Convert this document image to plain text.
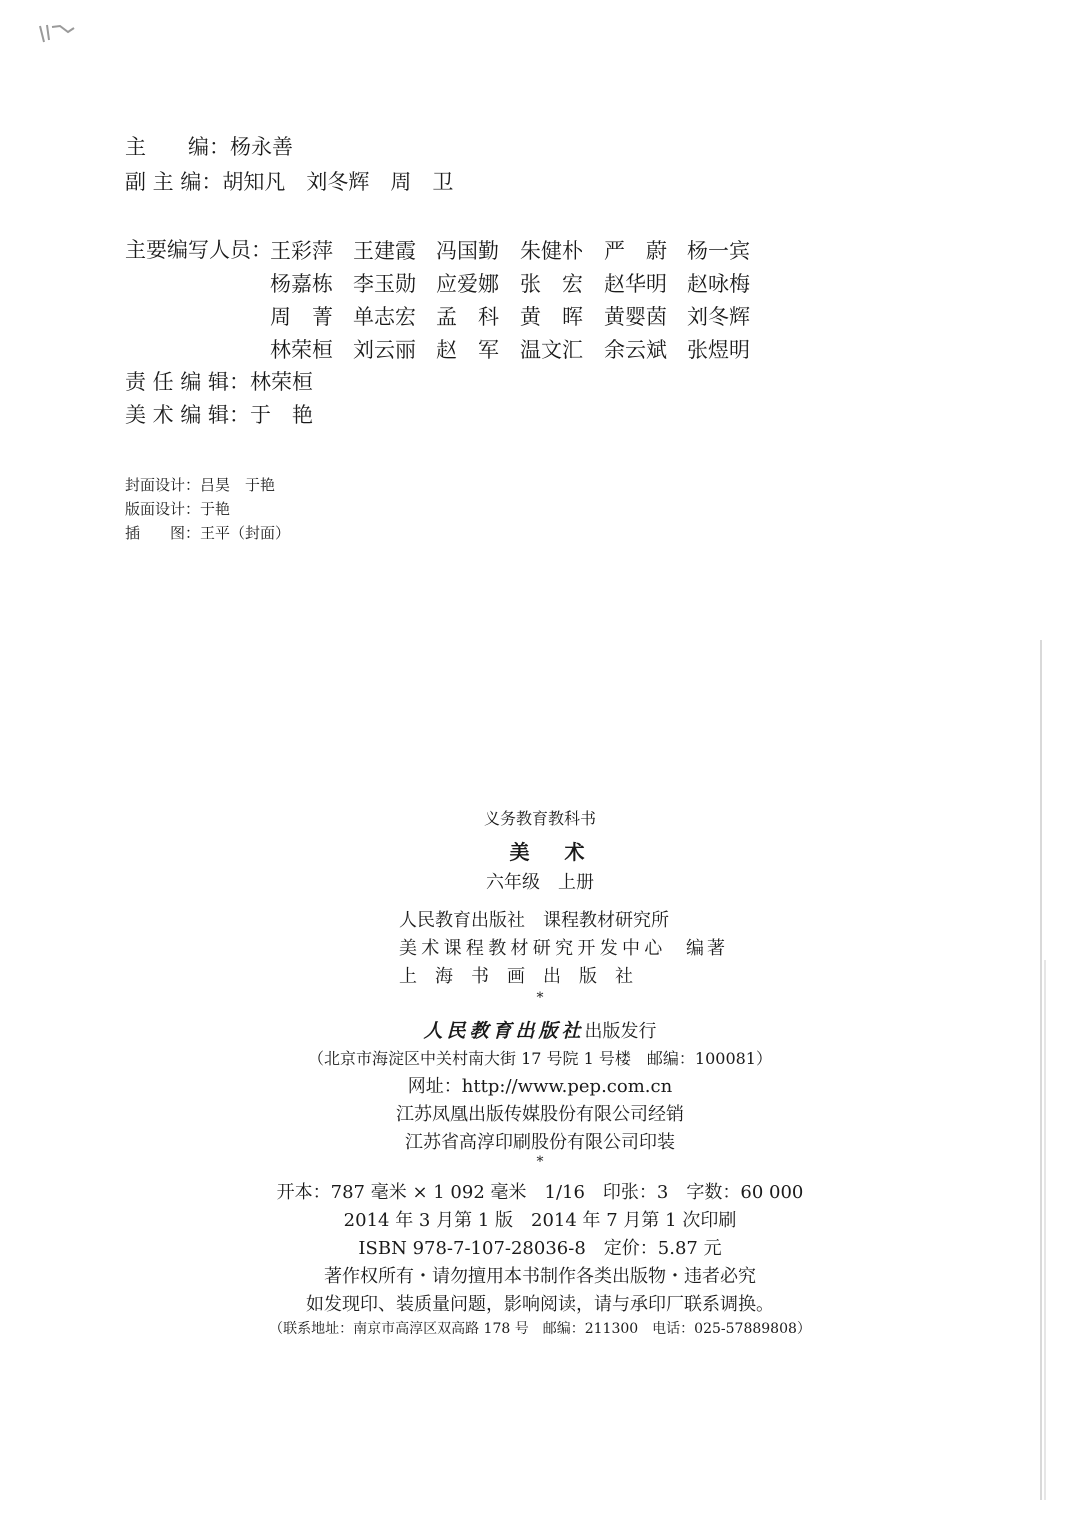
主　　编：杨永善
副 主 编：胡知凡 刘冬辉 周　卫
主要编写人员：
王彩萍 王建霞 冯国勤 朱健朴 严　蔚 杨一宾
杨嘉栋 李玉勋 应爱娜 张　宏 赵华明 赵咏梅
周　菁 单志宏 孟　科 黄　晖 黄婴茵 刘冬辉
林荣桓 刘云丽 赵　军 温文汇 余云斌 张煜明
责 任 编 辑：林荣桓
美 术 编 辑：于　艳
封面设计：吕昊　于艳
版面设计：于艳
插　　图：王平（封面）
义务教育教科书
美 术
六年级　上册
人民教育出版社　课程教材研究所
美术课程教材研究开发中心 编著
上　海　书　画　出　版　社
*
人民教育出版社出版发行
（北京市海淀区中关村南大街 17 号院 1 号楼　邮编：100081）
网址：http://www.pep.com.cn
江苏凤凰出版传媒股份有限公司经销
江苏省高淳印刷股份有限公司印装
*
开本：787 毫米 × 1 092 毫米　1/16　印张：3　字数：60 000
2014 年 3 月第 1 版　2014 年 7 月第 1 次印刷
ISBN 978-7-107-28036-8　定价：5.87 元
著作权所有・请勿擅用本书制作各类出版物・违者必究
如发现印、装质量问题，影响阅读，请与承印厂联系调换。
（联系地址：南京市高淳区双高路 178 号　邮编：211300　电话：025-57889808）
